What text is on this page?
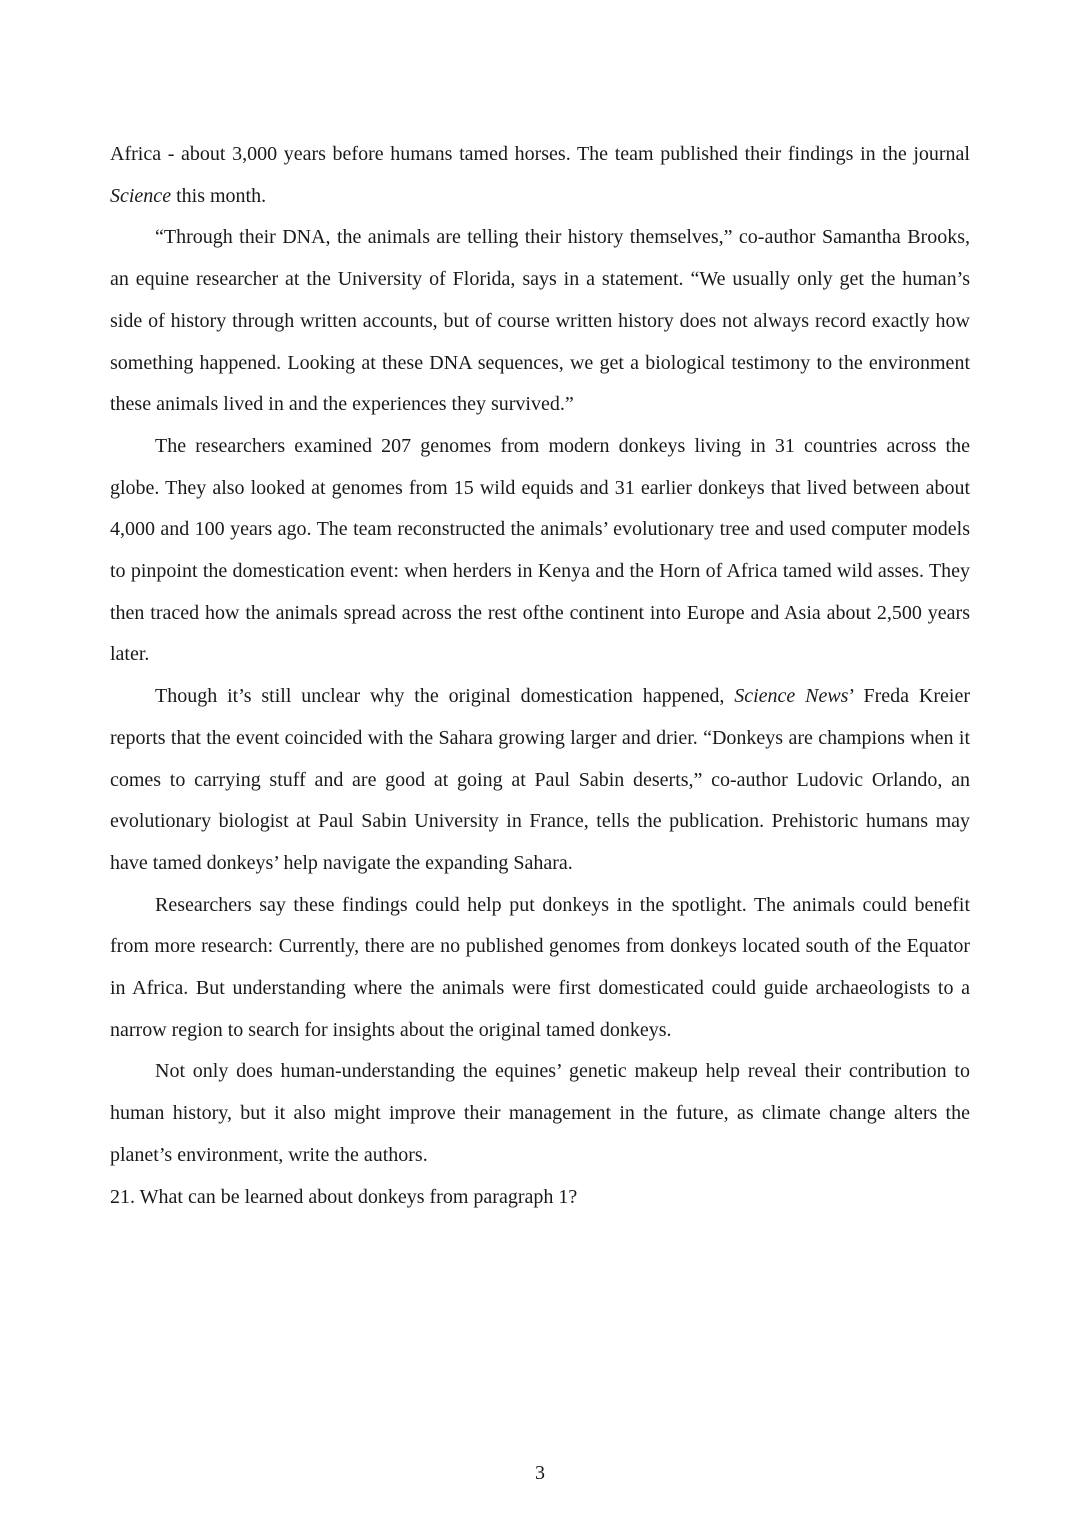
Africa - about 3,000 years before humans tamed horses. The team published their findings in the journal Science this month.

“Through their DNA, the animals are telling their history themselves,” co-author Samantha Brooks, an equine researcher at the University of Florida, says in a statement. “We usually only get the human’s side of history through written accounts, but of course written history does not always record exactly how something happened. Looking at these DNA sequences, we get a biological testimony to the environment these animals lived in and the experiences they survived.”

The researchers examined 207 genomes from modern donkeys living in 31 countries across the globe. They also looked at genomes from 15 wild equids and 31 earlier donkeys that lived between about 4,000 and 100 years ago. The team reconstructed the animals’ evolutionary tree and used computer models to pinpoint the domestication event: when herders in Kenya and the Horn of Africa tamed wild asses. They then traced how the animals spread across the rest ofthe continent into Europe and Asia about 2,500 years later.

Though it’s still unclear why the original domestication happened, Science News’ Freda Kreier reports that the event coincided with the Sahara growing larger and drier. “Donkeys are champions when it comes to carrying stuff and are good at going at Paul Sabin deserts,” co-author Ludovic Orlando, an evolutionary biologist at Paul Sabin University in France, tells the publication. Prehistoric humans may have tamed donkeys’ help navigate the expanding Sahara.

Researchers say these findings could help put donkeys in the spotlight. The animals could benefit from more research: Currently, there are no published genomes from donkeys located south of the Equator in Africa. But understanding where the animals were first domesticated could guide archaeologists to a narrow region to search for insights about the original tamed donkeys.

Not only does human-understanding the equines’ genetic makeup help reveal their contribution to human history, but it also might improve their management in the future, as climate change alters the planet’s environment, write the authors.

21. What can be learned about donkeys from paragraph 1?

3
